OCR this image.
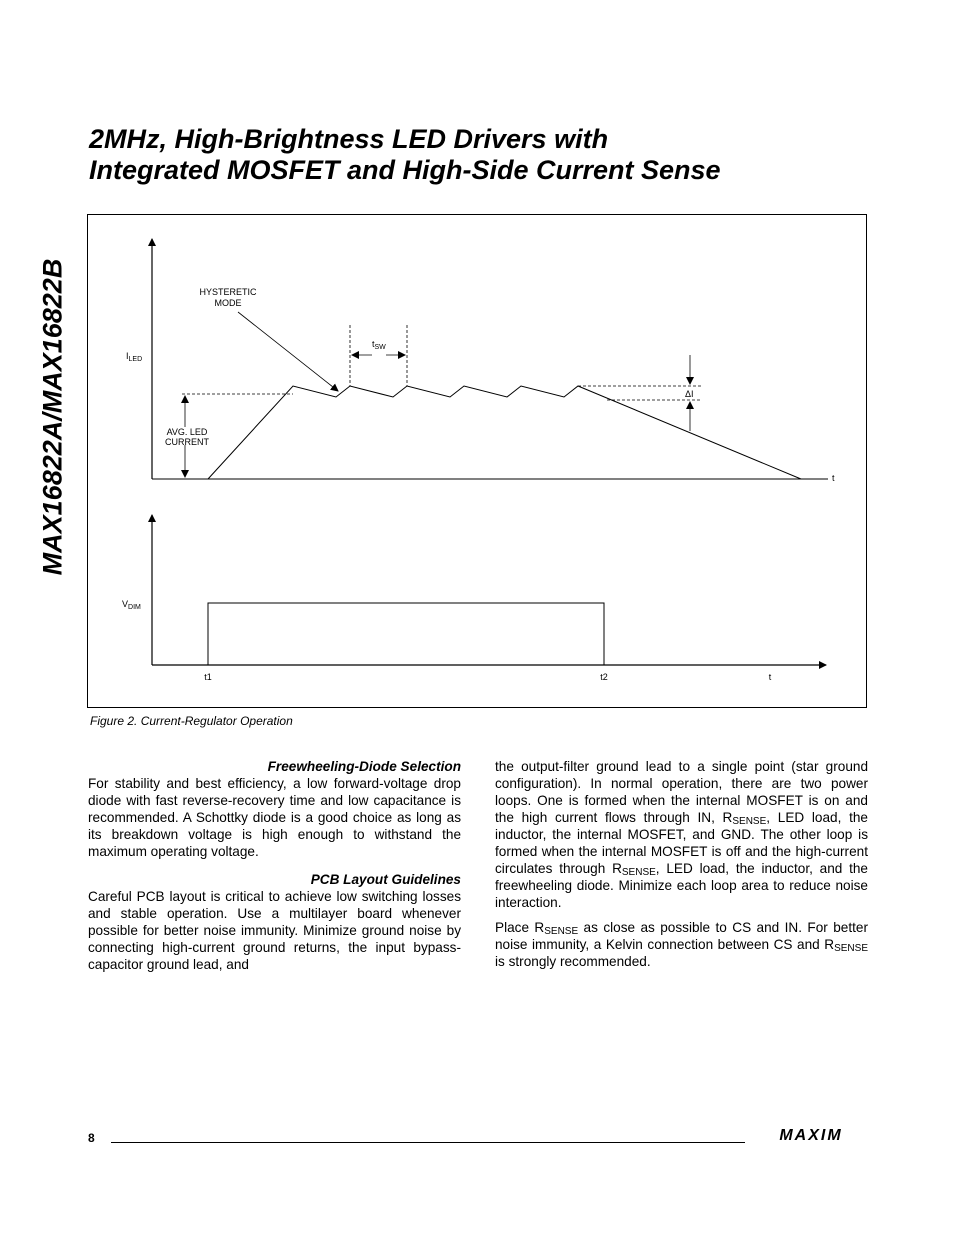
MAX16822A/MAX16822B
2MHz, High-Brightness LED Drivers with
Integrated MOSFET and High-Side Current Sense
HYSTERETIC
MODE
$I_{LED}$
$t_{SW}$
ΔI
AVG. LED
CURRENT
t
$V_{DIM}$
t1	t2	t
Figure 2. Current-Regulator Operation
Freewheeling-Diode Selection

For stability and best efficiency, a low forward-voltage drop diode with fast reverse-recovery time and low capacitance is recommended. A Schottky diode is a good choice as long as its breakdown voltage is high enough to withstand the maximum operating voltage.

PCB Layout Guidelines

Careful PCB layout is critical to achieve low switching losses and stable operation. Use a multilayer board whenever possible for better noise immunity. Minimize ground noise by connecting high-current ground returns, the input bypass-capacitor ground lead, and

the output-filter ground lead to a single point (star ground configuration). In normal operation, there are two power loops. One is formed when the internal MOSFET is on and the high current flows through IN, $R_{SENSE}$, LED load, the inductor, the internal MOSFET, and GND. The other loop is formed when the internal MOSFET is off and the high-current circulates through $R_{SENSE}$, LED load, the inductor, and the freewheeling diode. Minimize each loop area to reduce noise interaction.

Place $R_{SENSE}$ as close as possible to CS and IN. For better noise immunity, a Kelvin connection between CS and $R_{SENSE}$ is strongly recommended.

8	MAXIM
